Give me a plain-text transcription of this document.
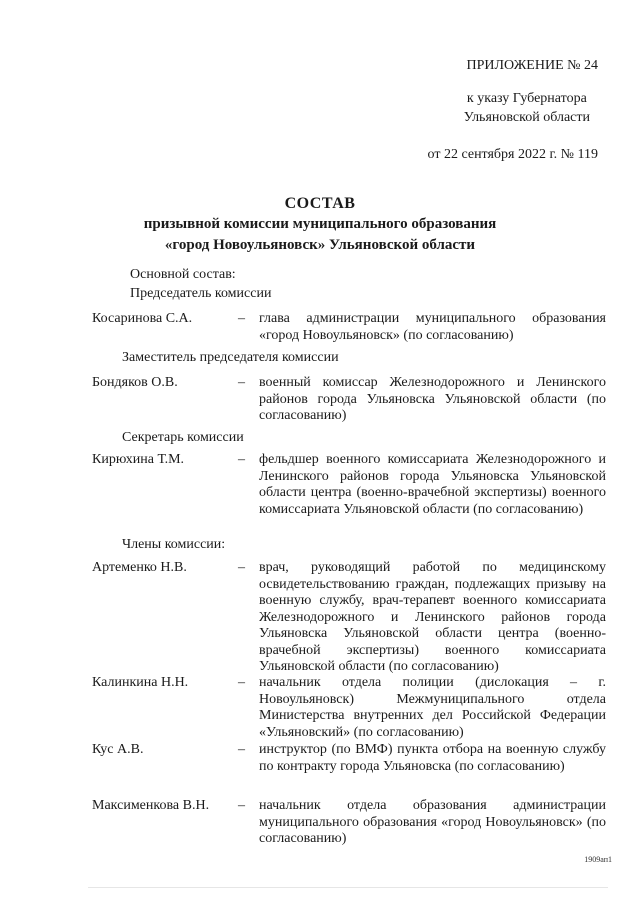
ПРИЛОЖЕНИЕ № 24
к указу Губернатора
Ульяновской области
от 22 сентября 2022 г. № 119
СОСТАВ
призывной комиссии муниципального образования
«город Новоульяновск» Ульяновской области
Основной состав:
Председатель комиссии
Косаринова С.А.	– глава администрации муниципального образования «город Новоульяновск» (по согласованию)
Заместитель председателя комиссии
Бондяков О.В.	– военный комиссар Железнодорожного и Ленинского районов города Ульяновска Ульяновской области (по согласованию)
Секретарь комиссии
Кирюхина Т.М.	– фельдшер военного комиссариата Железнодорожного и Ленинского районов города Ульяновска Ульяновской области центра (военно-врачебной экспертизы) военного комиссариата Ульяновской области (по согласованию)
Члены комиссии:
Артеменко Н.В.	– врач, руководящий работой по медицинскому освидетельствованию граждан, подлежащих призыву на военную службу, врач-терапевт военного комиссариата Железнодорожного и Ленинского районов города Ульяновска Ульяновской области центра (военно-врачебной экспертизы) военного комиссариата Ульяновской области (по согласованию)
Калинкина Н.Н.	– начальник отдела полиции (дислокация – г. Новоульяновск) Межмуниципального отдела Министерства внутренних дел Российской Федерации «Ульяновский» (по согласованию)
Кус А.В.	– инструктор (по ВМФ) пункта отбора на военную службу по контракту города Ульяновска (по согласованию)
Максименкова В.Н. – начальник отдела образования администрации муниципального образования «город Новоульяновск» (по согласованию)
1909ап1
